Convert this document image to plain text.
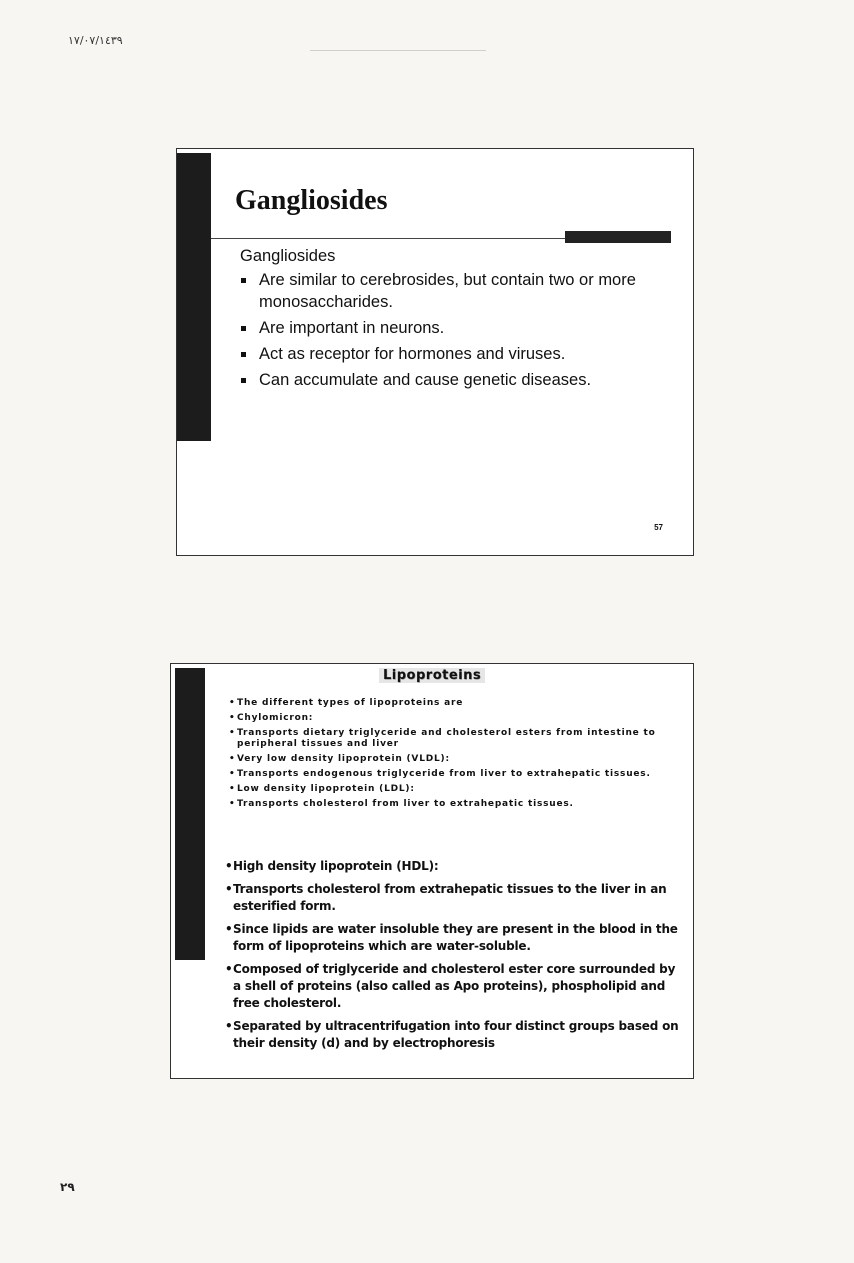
١٧/٠٧/١٤٣٩
Gangliosides
Gangliosides
Are similar to cerebrosides, but contain two or more monosaccharides.
Are important in neurons.
Act as receptor for hormones and viruses.
Can accumulate and cause genetic diseases.
57
Lipoproteins
• The different types of lipoproteins are
• Chylomicron:
• Transports dietary triglyceride and cholesterol esters from intestine to peripheral tissues and liver
• Very low density lipoprotein (VLDL):
• Transports endogenous triglyceride from liver to extrahepatic tissues.
• Low density lipoprotein (LDL):
• Transports cholesterol from liver to extrahepatic tissues.
• High density lipoprotein (HDL):
• Transports cholesterol from extrahepatic tissues to the liver in an esterified form.
• Since lipids are water insoluble they are present in the blood in the form of lipoproteins which are water-soluble.
• Composed of triglyceride and cholesterol ester core surrounded by a shell of proteins (also called as Apo proteins), phospholipid and free cholesterol.
• Separated by ultracentrifugation into four distinct groups based on their density (d) and by electrophoresis
٢٩
